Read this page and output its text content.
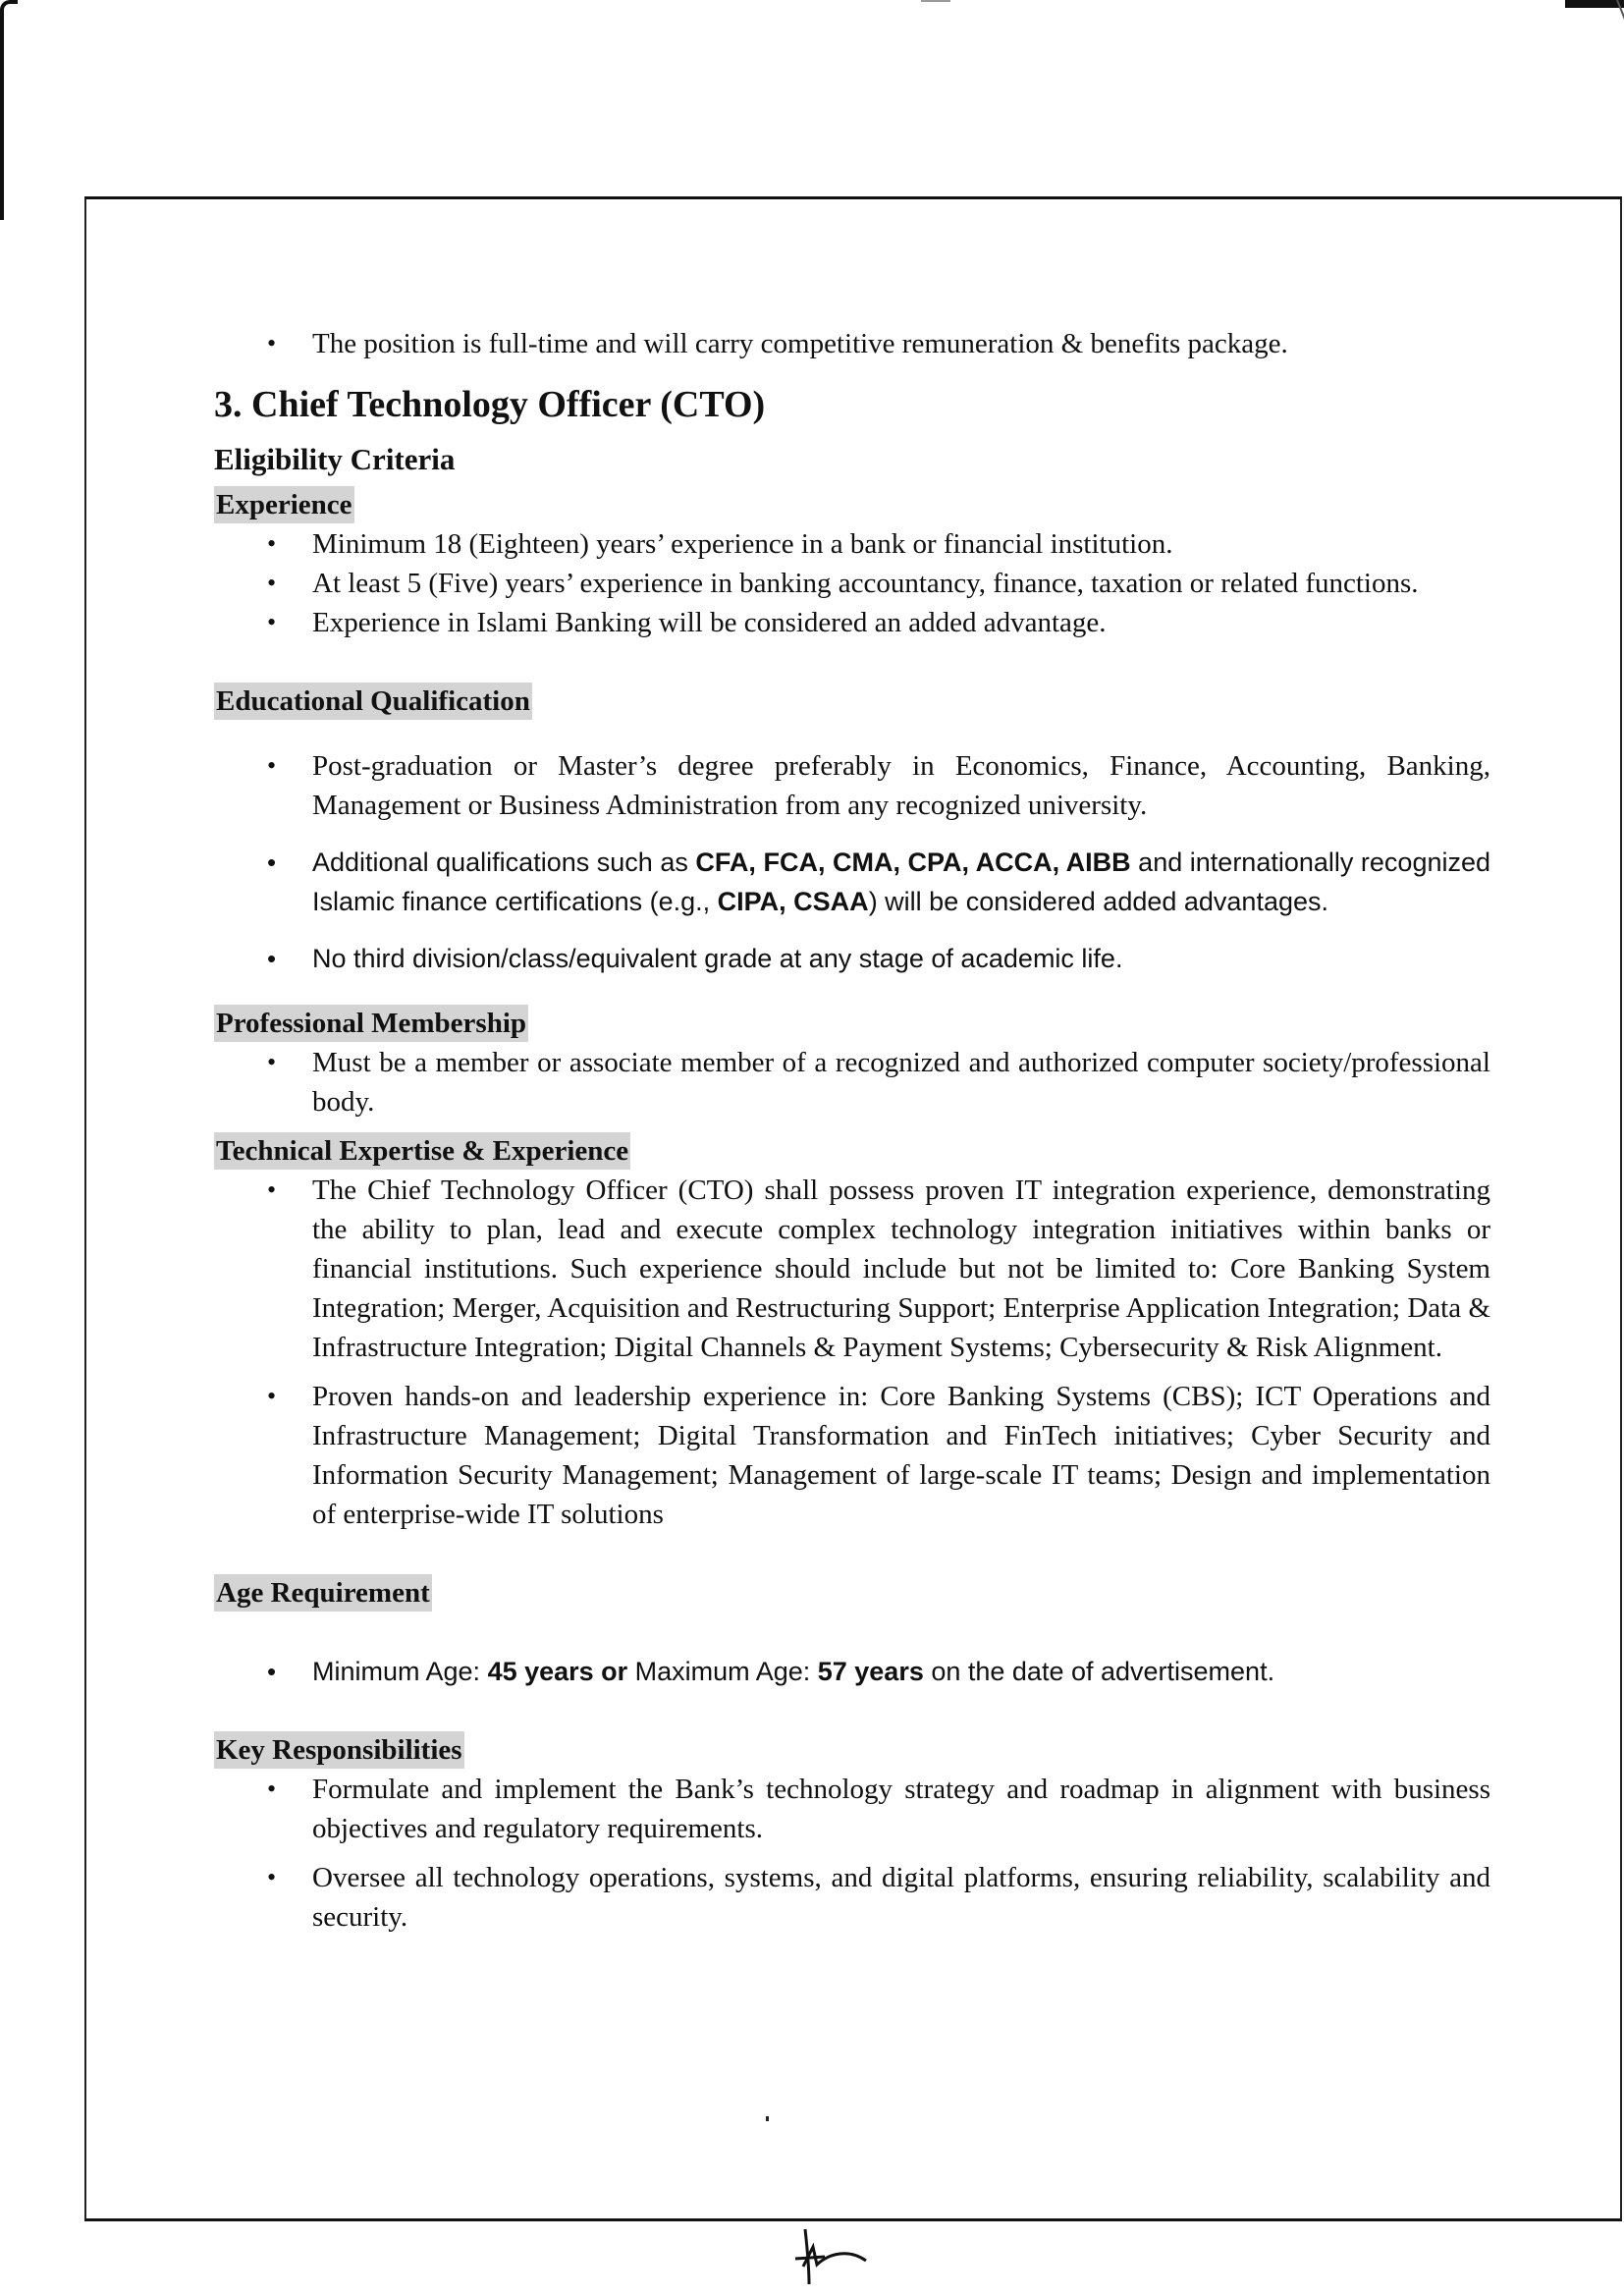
• The position is full-time and will carry competitive remuneration & benefits package.
3. Chief Technology Officer (CTO)
Eligibility Criteria
Experience
• Minimum 18 (Eighteen) years’ experience in a bank or financial institution.
• At least 5 (Five) years’ experience in banking accountancy, finance, taxation or related functions.
• Experience in Islami Banking will be considered an added advantage.
Educational Qualification
• Post-graduation or Master’s degree preferably in Economics, Finance, Accounting, Banking, Management or Business Administration from any recognized university.
• Additional qualifications such as CFA, FCA, CMA, CPA, ACCA, AIBB and internationally recognized Islamic finance certifications (e.g., CIPA, CSAA) will be considered added advantages.
• No third division/class/equivalent grade at any stage of academic life.
Professional Membership
• Must be a member or associate member of a recognized and authorized computer society/professional body.
Technical Expertise & Experience
• The Chief Technology Officer (CTO) shall possess proven IT integration experience, demonstrating the ability to plan, lead and execute complex technology integration initiatives within banks or financial institutions. Such experience should include but not be limited to: Core Banking System Integration; Merger, Acquisition and Restructuring Support; Enterprise Application Integration; Data & Infrastructure Integration; Digital Channels & Payment Systems; Cybersecurity & Risk Alignment.
• Proven hands-on and leadership experience in: Core Banking Systems (CBS); ICT Operations and Infrastructure Management; Digital Transformation and FinTech initiatives; Cyber Security and Information Security Management; Management of large-scale IT teams; Design and implementation of enterprise-wide IT solutions
Age Requirement
• Minimum Age: 45 years or Maximum Age: 57 years on the date of advertisement.
Key Responsibilities
• Formulate and implement the Bank’s technology strategy and roadmap in alignment with business objectives and regulatory requirements.
• Oversee all technology operations, systems, and digital platforms, ensuring reliability, scalability and security.
